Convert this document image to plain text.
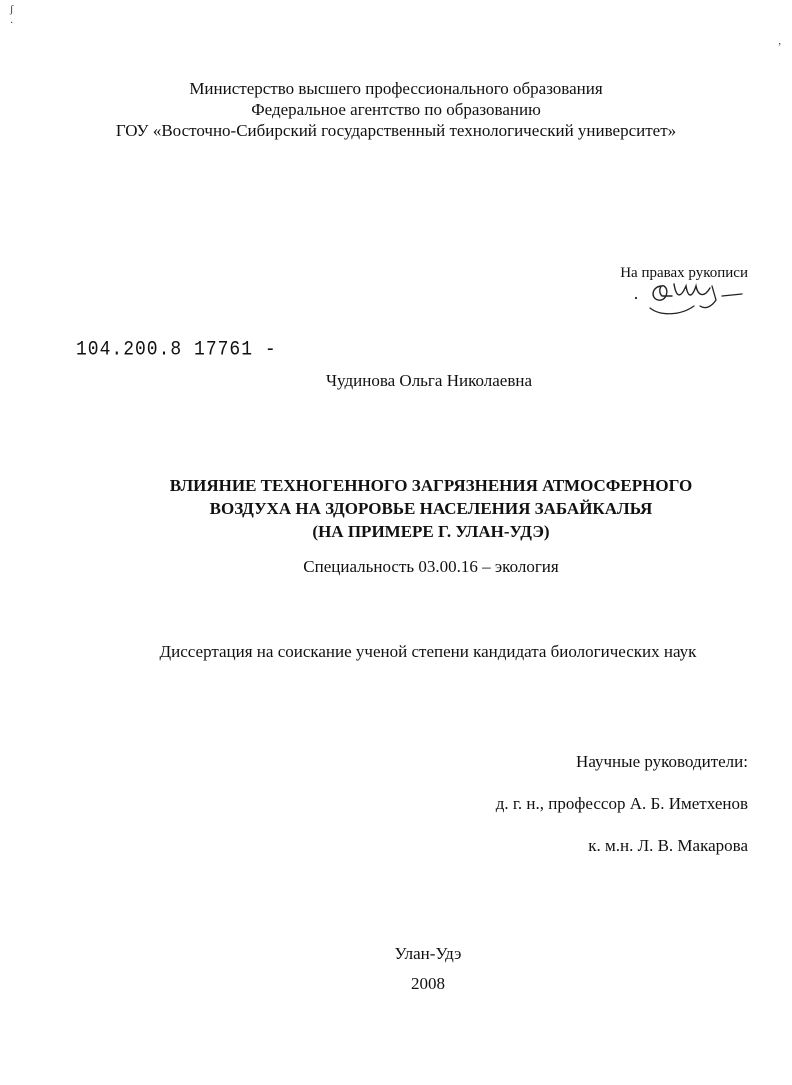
ʃ
·
ʼ
Министерство высшего профессионального образования
Федеральное агентство по образованию
ГОУ «Восточно-Сибирский государственный технологический университет»
На правах рукописи
104.200.8 17761 -
Чудинова Ольга Николаевна
ВЛИЯНИЕ ТЕХНОГЕННОГО ЗАГРЯЗНЕНИЯ АТМОСФЕРНОГО
ВОЗДУХА НА ЗДОРОВЬЕ НАСЕЛЕНИЯ ЗАБАЙКАЛЬЯ
(НА ПРИМЕРЕ Г. УЛАН-УДЭ)
Специальность 03.00.16 – экология
Диссертация на соискание ученой степени кандидата биологических наук
Научные руководители:
д. г. н., профессор А. Б. Иметхенов
к. м.н. Л. В. Макарова
Улан-Удэ
2008
